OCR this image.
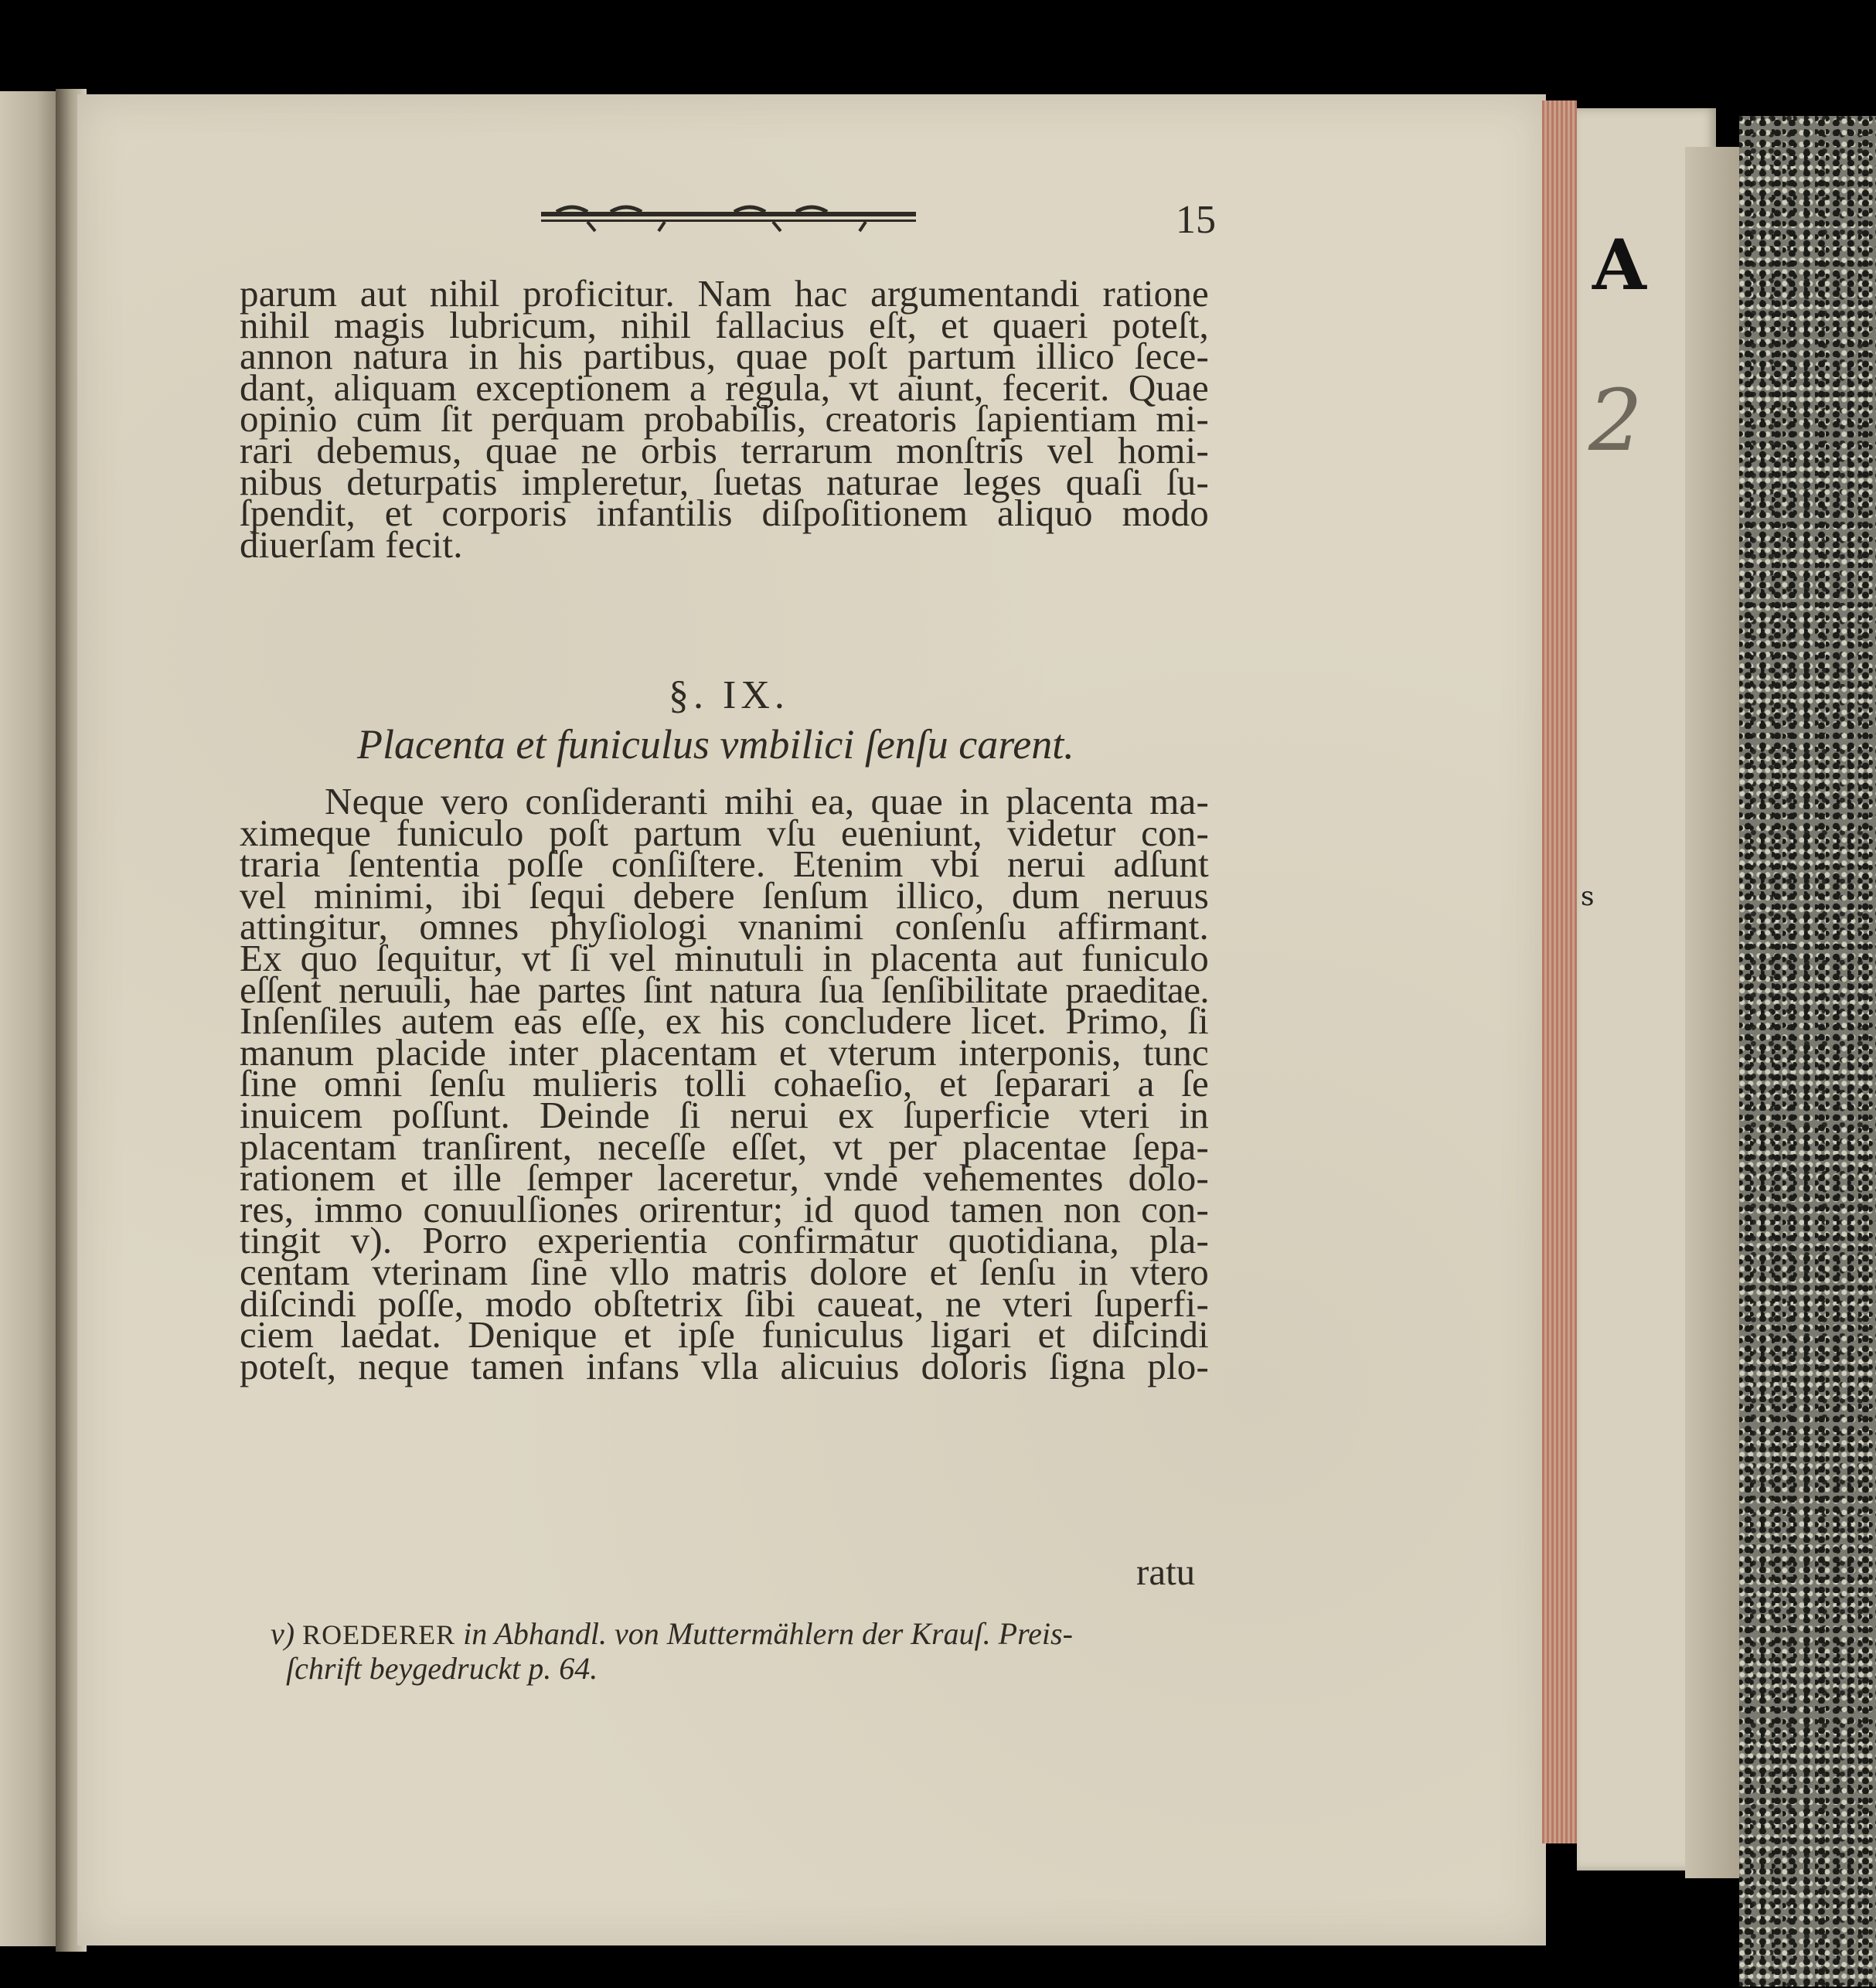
A
2
s
15
parum aut nihil proficitur. Nam hac argumentandi ratione
nihil magis lubricum, nihil fallacius eſt, et quaeri poteſt,
annon natura in his partibus, quae poſt partum illico ſece-
dant, aliquam exceptionem a regula, vt aiunt, fecerit. Quae
opinio cum ſit perquam probabilis, creatoris ſapientiam mi-
rari debemus, quae ne orbis terrarum monſtris vel homi-
nibus deturpatis impleretur, ſuetas naturae leges quaſi ſu-
ſpendit, et corporis infantilis diſpoſitionem aliquo modo
diuerſam fecit.
§. IX.
Placenta et funiculus vmbilici ſenſu carent.
Neque vero conſideranti mihi ea, quae in placenta ma-
ximeque funiculo poſt partum vſu eueniunt, videtur con-
traria ſententia poſſe conſiſtere. Etenim vbi nerui adſunt
vel minimi, ibi ſequi debere ſenſum illico, dum neruus
attingitur, omnes phyſiologi vnanimi conſenſu affirmant.
Ex quo ſequitur, vt ſi vel minutuli in placenta aut funiculo
eſſent neruuli, hae partes ſint natura ſua ſenſibilitate praeditae.
Inſenſiles autem eas eſſe, ex his concludere licet. Primo, ſi
manum placide inter placentam et vterum interponis, tunc
ſine omni ſenſu mulieris tolli cohaeſio, et ſeparari a ſe
inuicem poſſunt. Deinde ſi nerui ex ſuperficie vteri in
placentam tranſirent, neceſſe eſſet, vt per placentae ſepa-
rationem et ille ſemper laceretur, vnde vehementes dolo-
res, immo conuulſiones orirentur; id quod tamen non con-
tingit v). Porro experientia confirmatur quotidiana, pla-
centam vterinam ſine vllo matris dolore et ſenſu in vtero
diſcindi poſſe, modo obſtetrix ſibi caueat, ne vteri ſuperfi-
ciem laedat. Denique et ipſe funiculus ligari et diſcindi
poteſt, neque tamen infans vlla alicuius doloris ſigna plo-
ratu
v) ROEDERER in Abhandl. von Muttermählern der Krauſ. Preis-
ſchrift beygedruckt p. 64.
